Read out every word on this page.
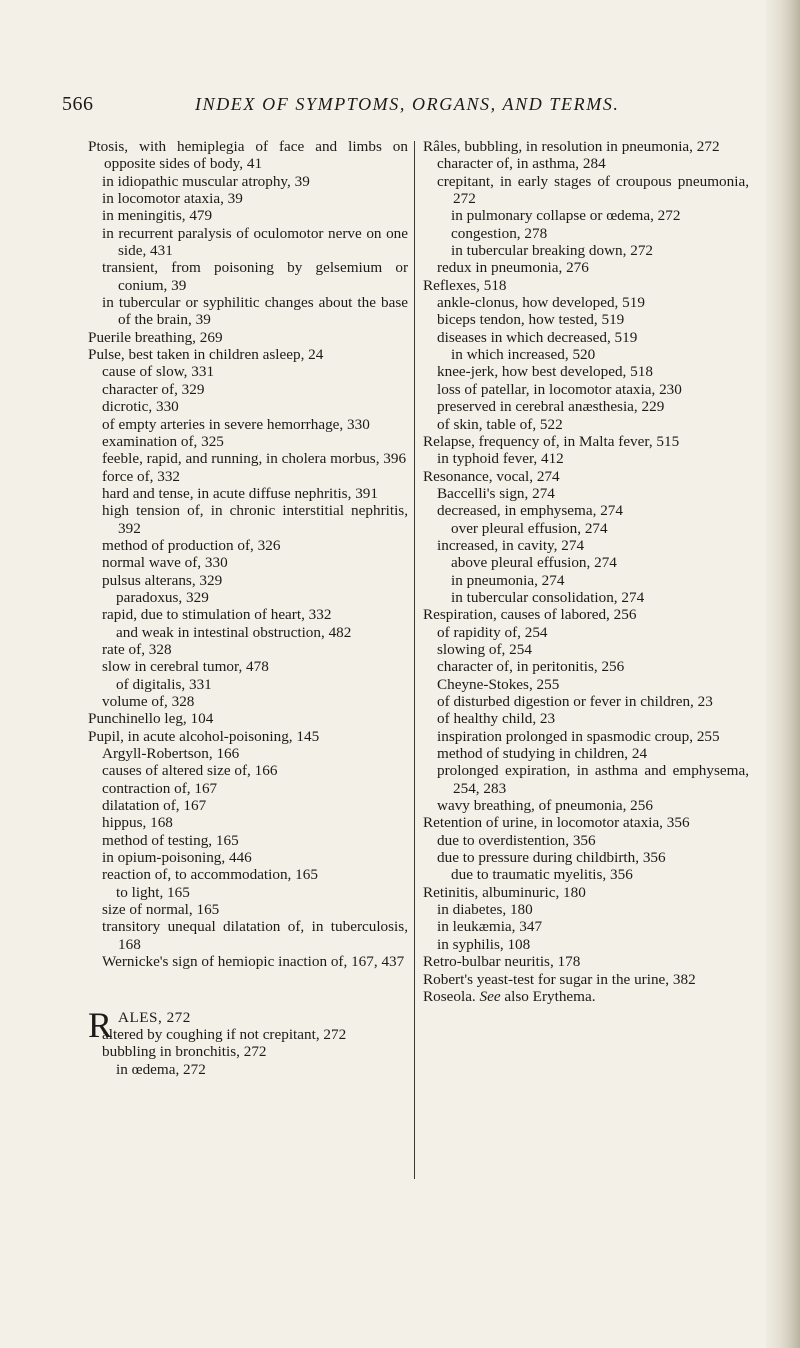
566	INDEX OF SYMPTOMS, ORGANS, AND TERMS.
Ptosis, with hemiplegia of face and limbs on opposite sides of body, 41
in idiopathic muscular atrophy, 39
in locomotor ataxia, 39
in meningitis, 479
in recurrent paralysis of oculomotor nerve on one side, 431
transient, from poisoning by gelsemium or conium, 39
in tubercular or syphilitic changes about the base of the brain, 39
Puerile breathing, 269
Pulse, best taken in children asleep, 24
cause of slow, 331
character of, 329
dicrotic, 330
of empty arteries in severe hemorrhage, 330
examination of, 325
feeble, rapid, and running, in cholera morbus, 396
force of, 332
hard and tense, in acute diffuse nephritis, 391
high tension of, in chronic interstitial nephritis, 392
method of production of, 326
normal wave of, 330
pulsus alterans, 329
paradoxus, 329
rapid, due to stimulation of heart, 332
and weak in intestinal obstruction, 482
rate of, 328
slow in cerebral tumor, 478
of digitalis, 331
volume of, 328
Punchinello leg, 104
Pupil, in acute alcohol-poisoning, 145
Argyll-Robertson, 166
causes of altered size of, 166
contraction of, 167
dilatation of, 167
hippus, 168
method of testing, 165
in opium-poisoning, 446
reaction of, to accommodation, 165
to light, 165
size of normal, 165
transitory unequal dilatation of, in tuberculosis, 168
Wernicke's sign of hemiopic inaction of, 167, 437
R ALES, 272
altered by coughing if not crepitant, 272
bubbling in bronchitis, 272
in œdema, 272
Râles, bubbling, in resolution in pneumonia, 272
character of, in asthma, 284
crepitant, in early stages of croupous pneumonia, 272
in pulmonary collapse or œdema, 272
congestion, 278
in tubercular breaking down, 272
redux in pneumonia, 276
Reflexes, 518
ankle-clonus, how developed, 519
biceps tendon, how tested, 519
diseases in which decreased, 519
in which increased, 520
knee-jerk, how best developed, 518
loss of patellar, in locomotor ataxia, 230
preserved in cerebral anæsthesia, 229
of skin, table of, 522
Relapse, frequency of, in Malta fever, 515
in typhoid fever, 412
Resonance, vocal, 274
Baccelli's sign, 274
decreased, in emphysema, 274
over pleural effusion, 274
increased, in cavity, 274
above pleural effusion, 274
in pneumonia, 274
in tubercular consolidation, 274
Respiration, causes of labored, 256
of rapidity of, 254
slowing of, 254
character of, in peritonitis, 256
Cheyne-Stokes, 255
of disturbed digestion or fever in children, 23
of healthy child, 23
inspiration prolonged in spasmodic croup, 255
method of studying in children, 24
prolonged expiration, in asthma and emphysema, 254, 283
wavy breathing, of pneumonia, 256
Retention of urine, in locomotor ataxia, 356
due to overdistention, 356
due to pressure during childbirth, 356
due to traumatic myelitis, 356
Retinitis, albuminuric, 180
in diabetes, 180
in leukæmia, 347
in syphilis, 108
Retro-bulbar neuritis, 178
Robert's yeast-test for sugar in the urine, 382
Roseola. See also Erythema.
